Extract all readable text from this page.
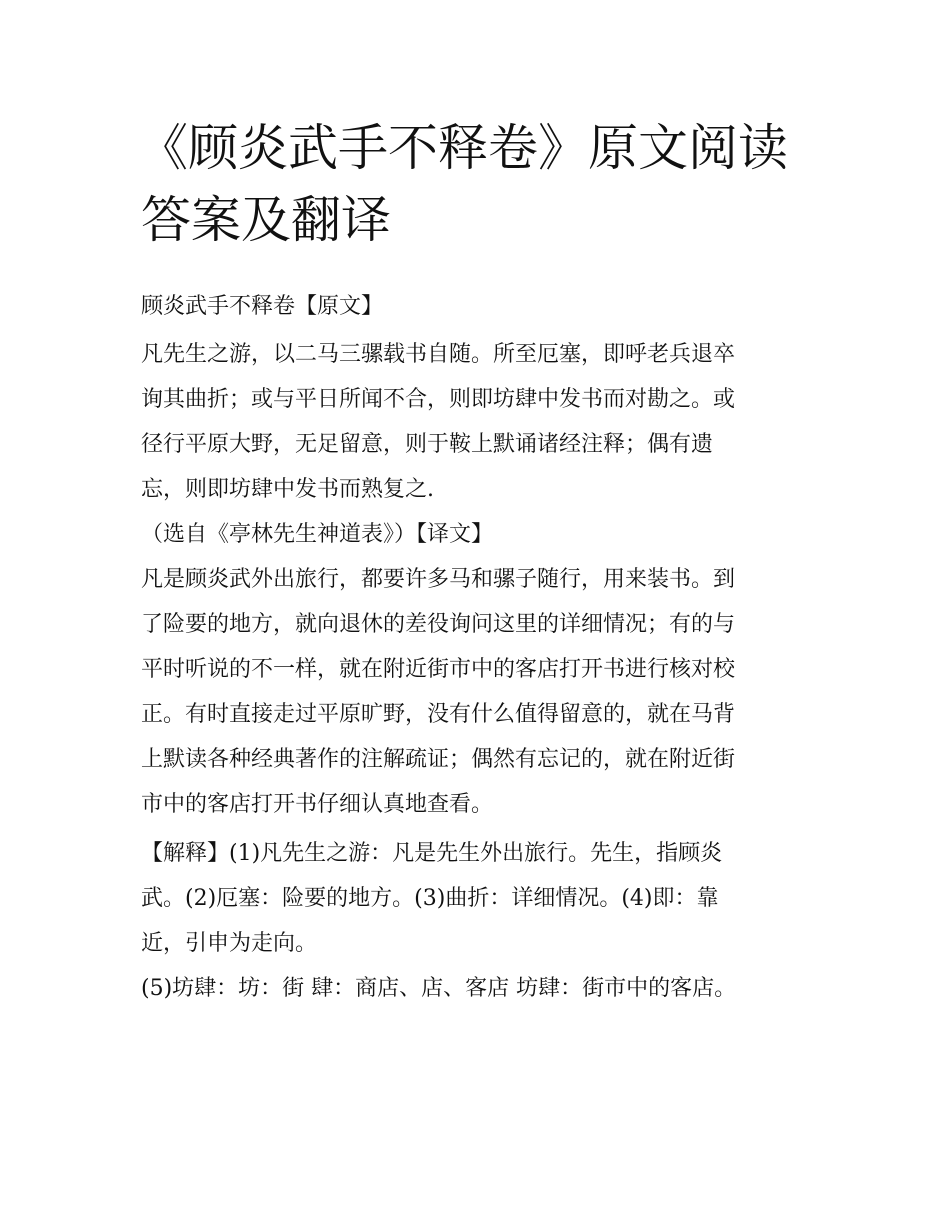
《顾炎武手不释卷》原文阅读
答案及翻译
顾炎武手不释卷【原文】
凡先生之游，以二马三骡载书自随。所至厄塞，即呼老兵退卒
询其曲折；或与平日所闻不合，则即坊肆中发书而对勘之。或
径行平原大野，无足留意，则于鞍上默诵诸经注释；偶有遗
忘，则即坊肆中发书而熟复之.
（选自《亭林先生神道表》）【译文】
凡是顾炎武外出旅行，都要许多马和骡子随行，用来装书。到
了险要的地方，就向退休的差役询问这里的详细情况；有的与
平时听说的不一样，就在附近街市中的客店打开书进行核对校
正。有时直接走过平原旷野，没有什么值得留意的，就在马背
上默读各种经典著作的注解疏证；偶然有忘记的，就在附近街
市中的客店打开书仔细认真地查看。
【解释】(1)凡先生之游：凡是先生外出旅行。先生，指顾炎
武。(2)厄塞：险要的地方。(3)曲折：详细情况。(4)即：靠
近，引申为走向。
(5)坊肆：坊：街 肆：商店、店、客店 坊肆：街市中的客店。
